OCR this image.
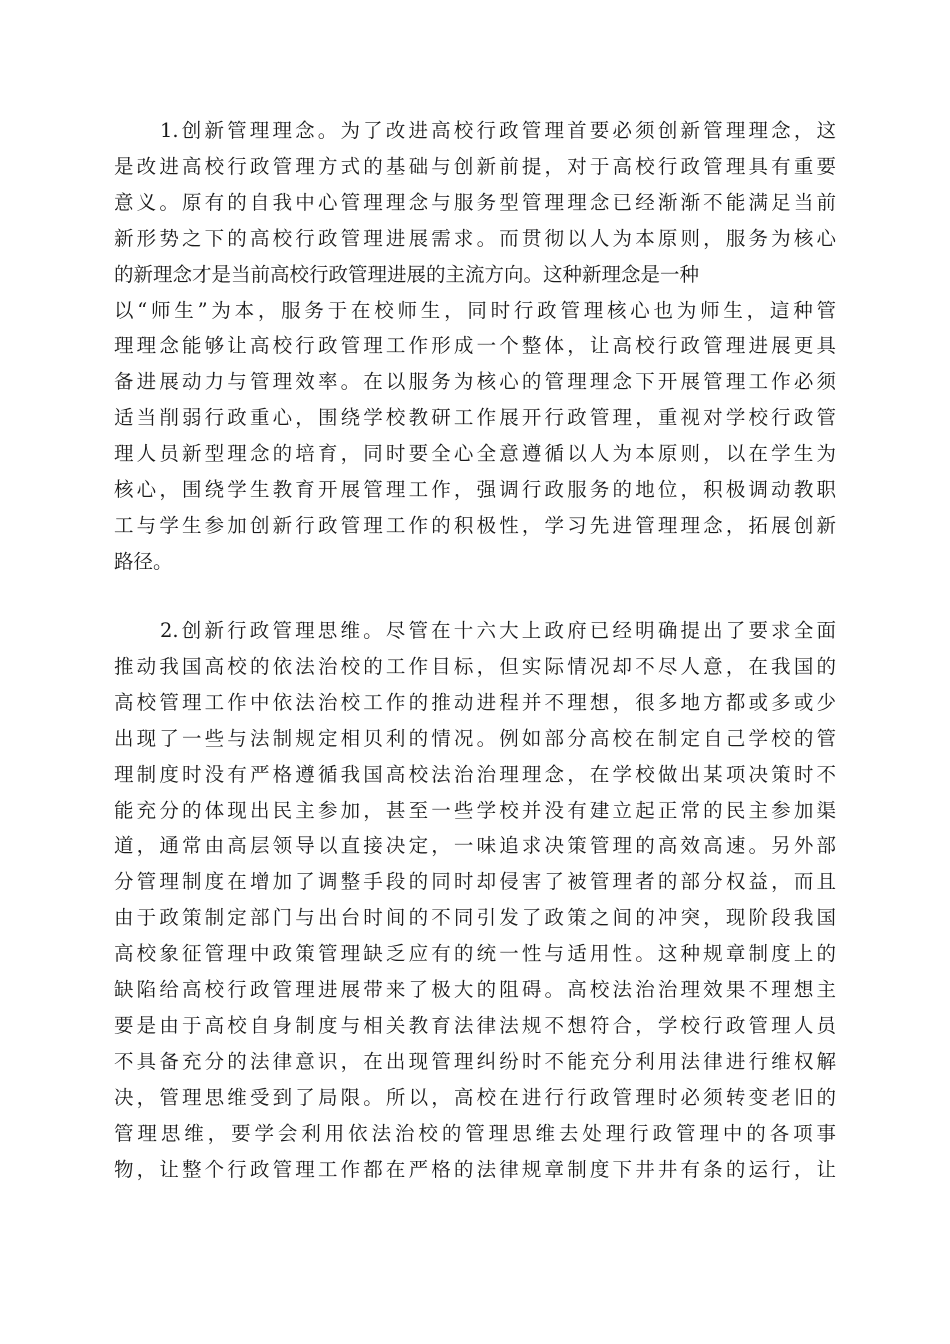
1.创新管理理念。为了改进高校行政管理首要必须创新管理理念，这
是改进高校行政管理方式的基础与创新前提，对于高校行政管理具有重要
意义。原有的自我中心管理理念与服务型管理理念已经渐渐不能满足当前
新形势之下的高校行政管理进展需求。而贯彻以人为本原则，服务为核心
的新理念才是当前高校行政管理进展的主流方向。这种新理念是一种
以“师生”为本，服务于在校师生，同时行政管理核心也为师生，這种管
理理念能够让高校行政管理工作形成一个整体，让高校行政管理进展更具
备进展动力与管理效率。在以服务为核心的管理理念下开展管理工作必须
适当削弱行政重心，围绕学校教研工作展开行政管理，重视对学校行政管
理人员新型理念的培育，同时要全心全意遵循以人为本原则，以在学生为
核心，围绕学生教育开展管理工作，强调行政服务的地位，积极调动教职
工与学生参加创新行政管理工作的积极性，学习先进管理理念，拓展创新
路径。
2.创新行政管理思维。尽管在十六大上政府已经明确提出了要求全面
推动我国高校的依法治校的工作目标，但实际情况却不尽人意，在我国的
高校管理工作中依法治校工作的推动进程并不理想，很多地方都或多或少
出现了一些与法制规定相贝利的情况。例如部分高校在制定自己学校的管
理制度时没有严格遵循我国高校法治治理理念，在学校做出某项决策时不
能充分的体现出民主参加，甚至一些学校并没有建立起正常的民主参加渠
道，通常由高层领导以直接决定，一味追求决策管理的高效高速。另外部
分管理制度在增加了调整手段的同时却侵害了被管理者的部分权益，而且
由于政策制定部门与出台时间的不同引发了政策之间的冲突，现阶段我国
高校象征管理中政策管理缺乏应有的统一性与适用性。这种规章制度上的
缺陷给高校行政管理进展带来了极大的阻碍。高校法治治理效果不理想主
要是由于高校自身制度与相关教育法律法规不想符合，学校行政管理人员
不具备充分的法律意识，在出现管理纠纷时不能充分利用法律进行维权解
决，管理思维受到了局限。所以，高校在进行行政管理时必须转变老旧的
管理思维，要学会利用依法治校的管理思维去处理行政管理中的各项事
物，让整个行政管理工作都在严格的法律规章制度下井井有条的运行，让
